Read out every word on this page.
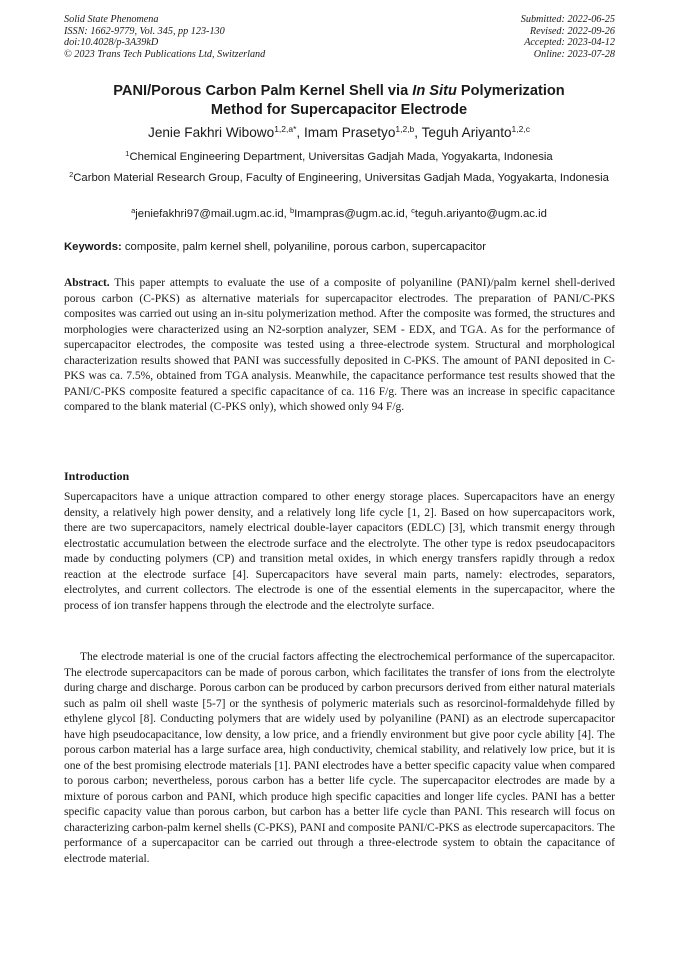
Solid State Phenomena
ISSN: 1662-9779, Vol. 345, pp 123-130
doi:10.4028/p-3A39kD
© 2023 Trans Tech Publications Ltd, Switzerland
Submitted: 2022-06-25
Revised: 2022-09-26
Accepted: 2023-04-12
Online: 2023-07-28
PANI/Porous Carbon Palm Kernel Shell via In Situ Polymerization
Method for Supercapacitor Electrode
Jenie Fakhri Wibowo$^{1,2,a*}$, Imam Prasetyo$^{1,2,b}$, Teguh Ariyanto$^{1,2,c}$
$^1$Chemical Engineering Department, Universitas Gadjah Mada, Yogyakarta, Indonesia
$^2$Carbon Material Research Group, Faculty of Engineering, Universitas Gadjah Mada, Yogyakarta, Indonesia
$^a$jeniefakhri97@mail.ugm.ac.id, $^b$Imampras@ugm.ac.id, $^c$teguh.ariyanto@ugm.ac.id
Keywords: composite, palm kernel shell, polyaniline, porous carbon, supercapacitor
Abstract. This paper attempts to evaluate the use of a composite of polyaniline (PANI)/palm kernel shell-derived porous carbon (C-PKS) as alternative materials for supercapacitor electrodes. The preparation of PANI/C-PKS composites was carried out using an in-situ polymerization method. After the composite was formed, the structures and morphologies were characterized using an N2-sorption analyzer, SEM - EDX, and TGA. As for the performance of supercapacitor electrodes, the composite was tested using a three-electrode system. Structural and morphological characterization results showed that PANI was successfully deposited in C-PKS. The amount of PANI deposited in C-PKS was ca. 7.5%, obtained from TGA analysis. Meanwhile, the capacitance performance test results showed that the PANI/C-PKS composite featured a specific capacitance of ca. 116 F/g. There was an increase in specific capacitance compared to the blank material (C-PKS only), which showed only 94 F/g.
Introduction
Supercapacitors have a unique attraction compared to other energy storage places. Supercapacitors have an energy density, a relatively high power density, and a relatively long life cycle [1, 2]. Based on how supercapacitors work, there are two supercapacitors, namely electrical double-layer capacitors (EDLC) [3], which transmit energy through electrostatic accumulation between the electrode surface and the electrolyte. The other type is redox pseudocapacitors made by conducting polymers (CP) and transition metal oxides, in which energy transfers rapidly through a redox reaction at the electrode surface [4]. Supercapacitors have several main parts, namely: electrodes, separators, electrolytes, and current collectors. The electrode is one of the essential elements in the supercapacitor, where the process of ion transfer happens through the electrode and the electrolyte surface.
The electrode material is one of the crucial factors affecting the electrochemical performance of the supercapacitor. The electrode supercapacitors can be made of porous carbon, which facilitates the transfer of ions from the electrolyte during charge and discharge. Porous carbon can be produced by carbon precursors derived from either natural materials such as palm oil shell waste [5-7] or the synthesis of polymeric materials such as resorcinol-formaldehyde filled by ethylene glycol [8]. Conducting polymers that are widely used by polyaniline (PANI) as an electrode supercapacitor have high pseudocapacitance, low density, a low price, and a friendly environment but give poor cycle ability [4]. The porous carbon material has a large surface area, high conductivity, chemical stability, and relatively low price, but it is one of the best promising electrode materials [1]. PANI electrodes have a better specific capacity value when compared to porous carbon; nevertheless, porous carbon has a better life cycle. The supercapacitor electrodes are made by a mixture of porous carbon and PANI, which produce high specific capacities and longer life cycles. PANI has a better specific capacity value than porous carbon, but carbon has a better life cycle than PANI. This research will focus on characterizing carbon-palm kernel shells (C-PKS), PANI and composite PANI/C-PKS as electrode supercapacitors. The performance of a supercapacitor can be carried out through a three-electrode system to obtain the capacitance of electrode material.
